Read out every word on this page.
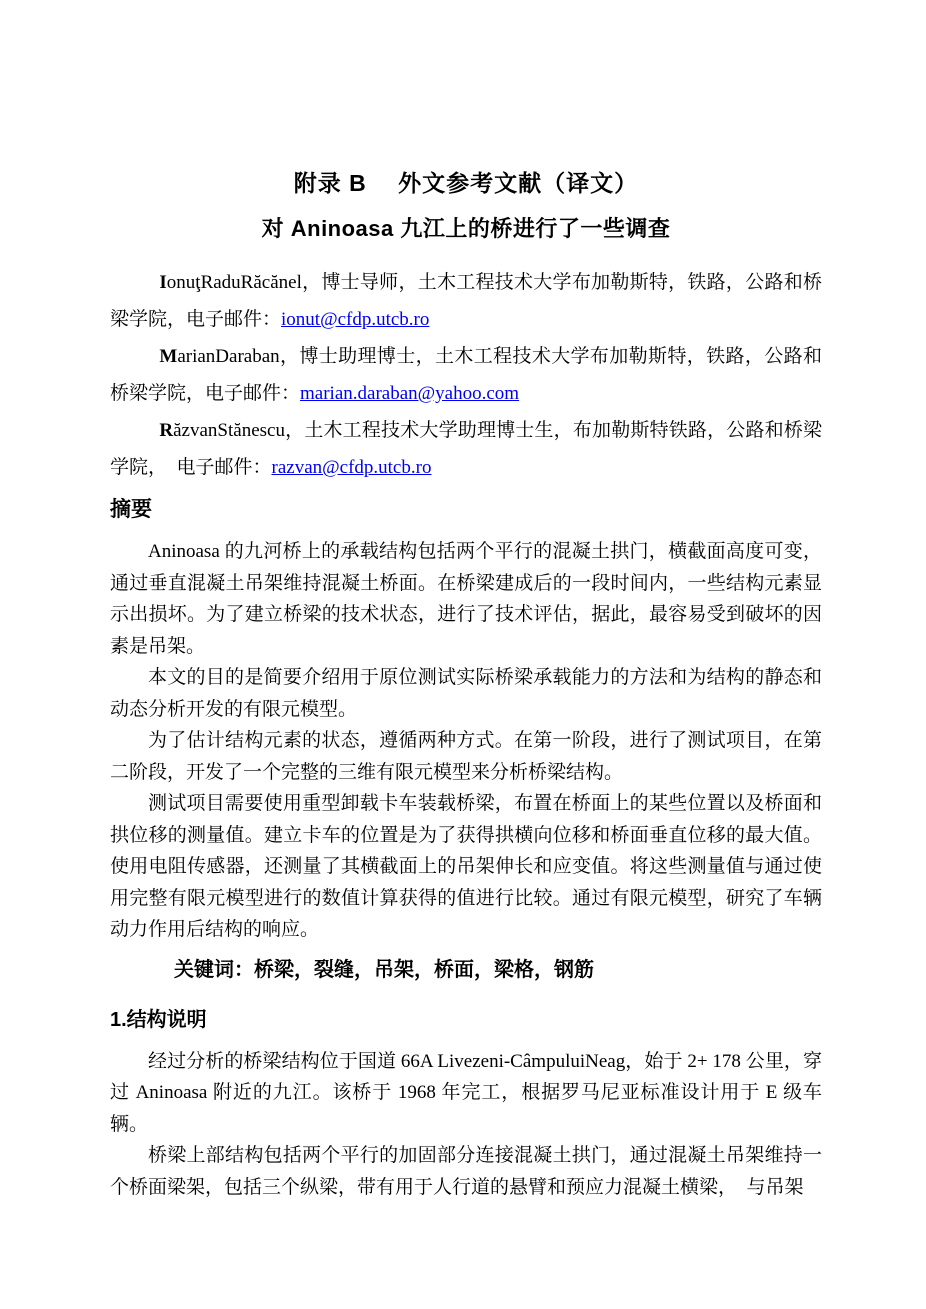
附录 B　 外文参考文献（译文）
对 Aninoasa 九江上的桥进行了一些调查

IonuţRaduRăcănel，博士导师，土木工程技术大学布加勒斯特，铁路，公路和桥梁学院，电子邮件：ionut@cfdp.utcb.ro

MarianDaraban，博士助理博士，土木工程技术大学布加勒斯特，铁路，公路和桥梁学院，电子邮件：marian.daraban@yahoo.com

RăzvanStănescu，土木工程技术大学助理博士生，布加勒斯特铁路，公路和桥梁学院，　电子邮件：razvan@cfdp.utcb.ro

摘要

Aninoasa 的九河桥上的承载结构包括两个平行的混凝土拱门，横截面高度可变，通过垂直混凝土吊架维持混凝土桥面。在桥梁建成后的一段时间内，一些结构元素显示出损坏。为了建立桥梁的技术状态，进行了技术评估，据此，最容易受到破坏的因素是吊架。

本文的目的是简要介绍用于原位测试实际桥梁承载能力的方法和为结构的静态和动态分析开发的有限元模型。

为了估计结构元素的状态，遵循两种方式。在第一阶段，进行了测试项目，在第二阶段，开发了一个完整的三维有限元模型来分析桥梁结构。

测试项目需要使用重型卸载卡车装载桥梁，布置在桥面上的某些位置以及桥面和拱位移的测量值。建立卡车的位置是为了获得拱横向位移和桥面垂直位移的最大值。使用电阻传感器，还测量了其横截面上的吊架伸长和应变值。将这些测量值与通过使用完整有限元模型进行的数值计算获得的值进行比较。通过有限元模型，研究了车辆动力作用后结构的响应。

关键词：桥梁，裂缝，吊架，桥面，梁格，钢筋

1.结构说明

经过分析的桥梁结构位于国道 66A Livezeni-CâmpuluiNeag，始于 2+ 178 公里，穿过 Aninoasa 附近的九江。该桥于 1968 年完工，根据罗马尼亚标准设计用于 E 级车辆。

桥梁上部结构包括两个平行的加固部分连接混凝土拱门，通过混凝土吊架维持一个桥面梁架，包括三个纵梁，带有用于人行道的悬臂和预应力混凝土横梁，　与吊架
